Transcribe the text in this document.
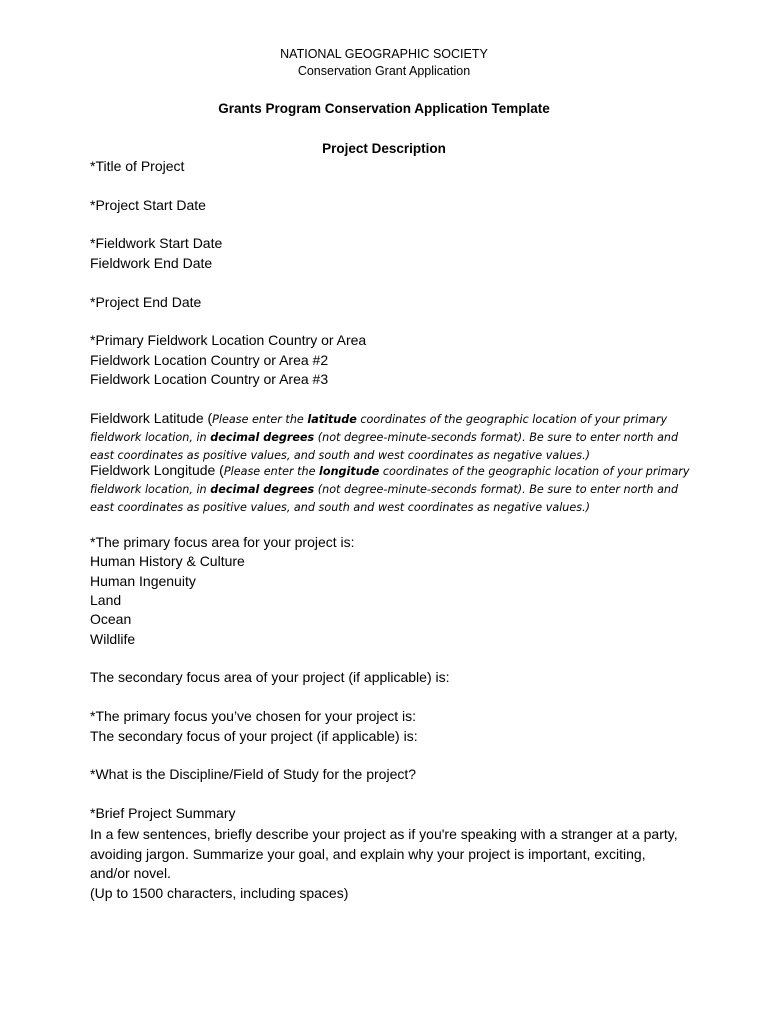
NATIONAL GEOGRAPHIC SOCIETY
Conservation Grant Application
Grants Program Conservation Application Template
Project Description
*Title of Project
*Project Start Date
*Fieldwork Start Date
Fieldwork End Date
*Project End Date
*Primary Fieldwork Location Country or Area
Fieldwork Location Country or Area #2
Fieldwork Location Country or Area #3
Fieldwork Latitude (Please enter the latitude coordinates of the geographic location of your primary fieldwork location, in decimal degrees (not degree-minute-seconds format). Be sure to enter north and east coordinates as positive values, and south and west coordinates as negative values.)
Fieldwork Longitude (Please enter the longitude coordinates of the geographic location of your primary fieldwork location, in decimal degrees (not degree-minute-seconds format). Be sure to enter north and east coordinates as positive values, and south and west coordinates as negative values.)
*The primary focus area for your project is:
Human History & Culture
Human Ingenuity
Land
Ocean
Wildlife
The secondary focus area of your project (if applicable) is:
*The primary focus you’ve chosen for your project is:
The secondary focus of your project (if applicable) is:
*What is the Discipline/Field of Study for the project?
*Brief Project Summary
In a few sentences, briefly describe your project as if you're speaking with a stranger at a party, avoiding jargon. Summarize your goal, and explain why your project is important, exciting, and/or novel.
(Up to 1500 characters, including spaces)
